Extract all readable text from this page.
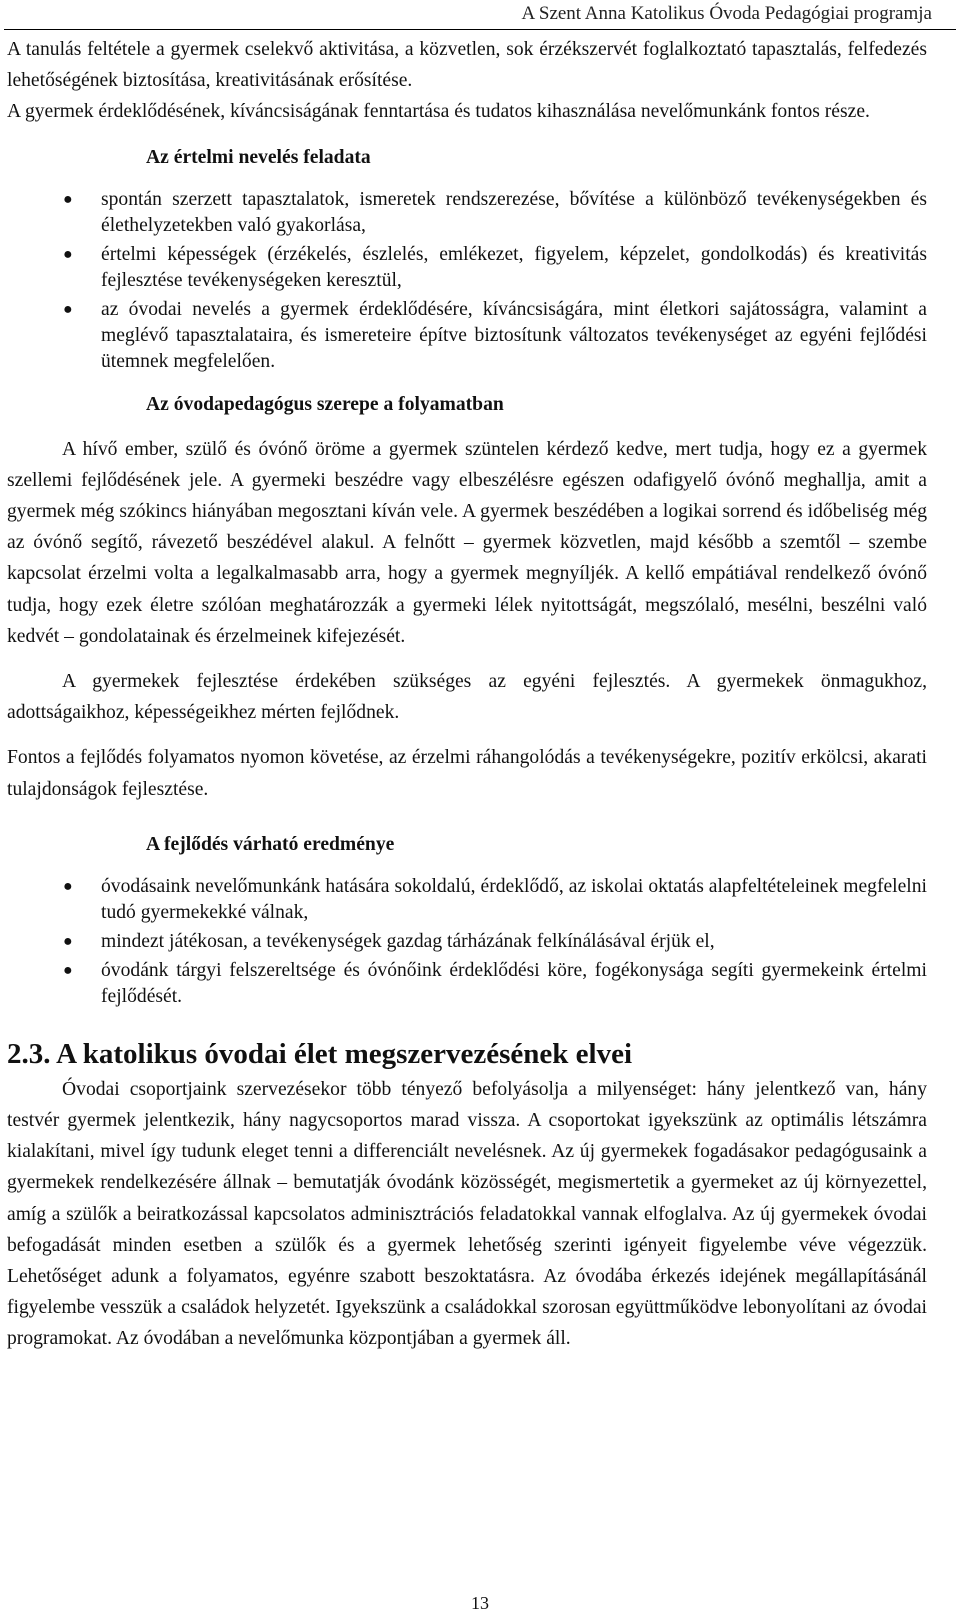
A Szent Anna Katolikus Óvoda Pedagógiai programja

A tanulás feltétele a gyermek cselekvő aktivitása, a közvetlen, sok érzékszervét foglalkoztató tapasztalás, felfedezés lehetőségének biztosítása, kreativitásának erősítése.

A gyermek érdeklődésének, kíváncsiságának fenntartása és tudatos kihasználása nevelőmunkánk fontos része.

Az értelmi nevelés feladata
● spontán szerzett tapasztalatok, ismeretek rendszerezése, bővítése a különböző tevékenységekben és élethelyzetekben való gyakorlása,
● értelmi képességek (érzékelés, észlelés, emlékezet, figyelem, képzelet, gondolkodás) és kreativitás fejlesztése tevékenységeken keresztül,
● az óvodai nevelés a gyermek érdeklődésére, kíváncsiságára, mint életkori sajátosságra, valamint a meglévő tapasztalataira, és ismereteire építve biztosítunk változatos tevékenységet az egyéni fejlődési ütemnek megfelelően.
Az óvodapedagógus szerepe a folyamatban

A hívő ember, szülő és óvónő öröme a gyermek szüntelen kérdező kedve, mert tudja, hogy ez a gyermek szellemi fejlődésének jele. A gyermeki beszédre vagy elbeszélésre egészen odafigyelő óvónő meghallja, amit a gyermek még szókincs hiányában megosztani kíván vele. A gyermek beszédében a logikai sorrend és időbeliség még az óvónő segítő, rávezető beszédével alakul. A felnőtt – gyermek közvetlen, majd később a szemtől – szembe kapcsolat érzelmi volta a legalkalmasabb arra, hogy a gyermek megnyíljék. A kellő empátiával rendelkező óvónő tudja, hogy ezek életre szólóan meghatározzák a gyermeki lélek nyitottságát, megszólaló, mesélni, beszélni való kedvét – gondolatainak és érzelmeinek kifejezését.

A gyermekek fejlesztése érdekében szükséges az egyéni fejlesztés. A gyermekek önmagukhoz, adottságaikhoz, képességeikhez mérten fejlődnek.

Fontos a fejlődés folyamatos nyomon követése, az érzelmi ráhangolódás a tevékenységekre, pozitív erkölcsi, akarati tulajdonságok fejlesztése.

A fejlődés várható eredménye
● óvodásaink nevelőmunkánk hatására sokoldalú, érdeklődő, az iskolai oktatás alapfeltételeinek megfelelni tudó gyermekekké válnak,
● mindezt játékosan, a tevékenységek gazdag tárházának felkínálásával érjük el,
● óvodánk tárgyi felszereltsége és óvónőink érdeklődési köre, fogékonysága segíti gyermekeink értelmi fejlődését.
2.3. A katolikus óvodai élet megszervezésének elvei

Óvodai csoportjaink szervezésekor több tényező befolyásolja a milyenséget: hány jelentkező van, hány testvér gyermek jelentkezik, hány nagycsoportos marad vissza. A csoportokat igyekszünk az optimális létszámra kialakítani, mivel így tudunk eleget tenni a differenciált nevelésnek. Az új gyermekek fogadásakor pedagógusaink a gyermekek rendelkezésére állnak – bemutatják óvodánk közösségét, megismertetik a gyermeket az új környezettel, amíg a szülők a beiratkozással kapcsolatos adminisztrációs feladatokkal vannak elfoglalva. Az új gyermekek óvodai befogadását minden esetben a szülők és a gyermek lehetőség szerinti igényeit figyelembe véve végezzük. Lehetőséget adunk a folyamatos, egyénre szabott beszoktatásra. Az óvodába érkezés idejének megállapításánál figyelembe vesszük a családok helyzetét. Igyekszünk a családokkal szorosan együttműködve lebonyolítani az óvodai programokat. Az óvodában a nevelőmunka központjában a gyermek áll.

13
